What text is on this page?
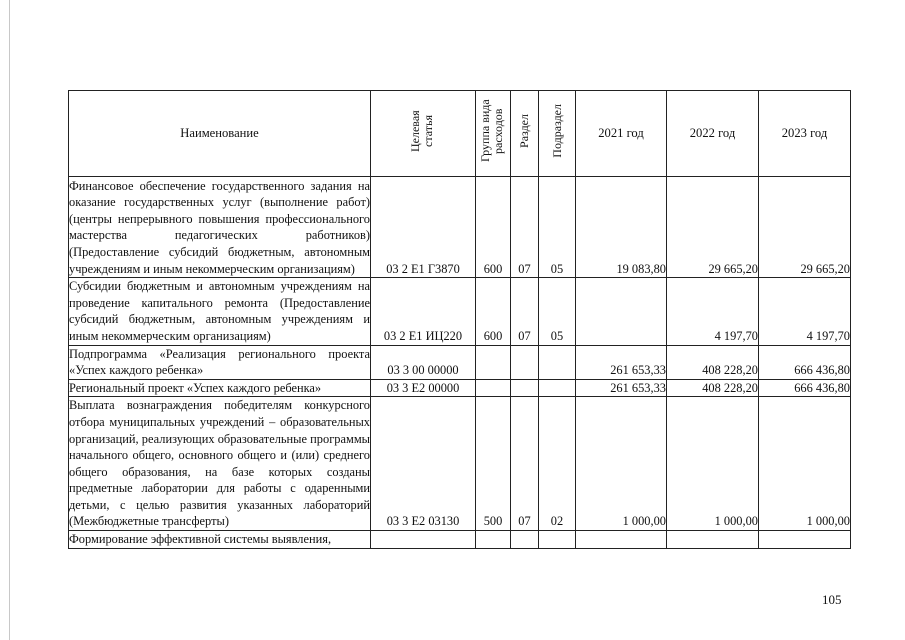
Наименование	Целевая статья	Группа вида расходов	Раздел	Подраздел	2021 год	2022 год	2023 год
Финансовое обеспечение государственного задания на оказание государственных услуг (выполнение работ) (центры непрерывного повышения профессионального мастерства педагогических работников) (Предоставление субсидий бюджетным, автономным учреждениям и иным некоммерческим организациям)	03 2 E1 Г3870	600	07	05	19 083,80	29 665,20	29 665,20
Субсидии бюджетным и автономным учреждениям на проведение капитального ремонта (Предоставление субсидий бюджетным, автономным учреждениям и иным некоммерческим организациям)	03 2 E1 ИЦ220	600	07	05		4 197,70	4 197,70
Подпрограмма «Реализация регионального проекта «Успех каждого ребенка»	03 3 00 00000				261 653,33	408 228,20	666 436,80
Региональный проект «Успех каждого ребенка»	03 3 E2 00000				261 653,33	408 228,20	666 436,80
Выплата вознаграждения победителям конкурсного отбора муниципальных учреждений – образовательных организаций, реализующих образовательные программы начального общего, основного общего и (или) среднего общего образования, на базе которых созданы предметные лаборатории для работы с одаренными детьми, с целью развития указанных лабораторий (Межбюджетные трансферты)	03 3 E2 03130	500	07	02	1 000,00	1 000,00	1 000,00
Формирование эффективной системы выявления,							
105
